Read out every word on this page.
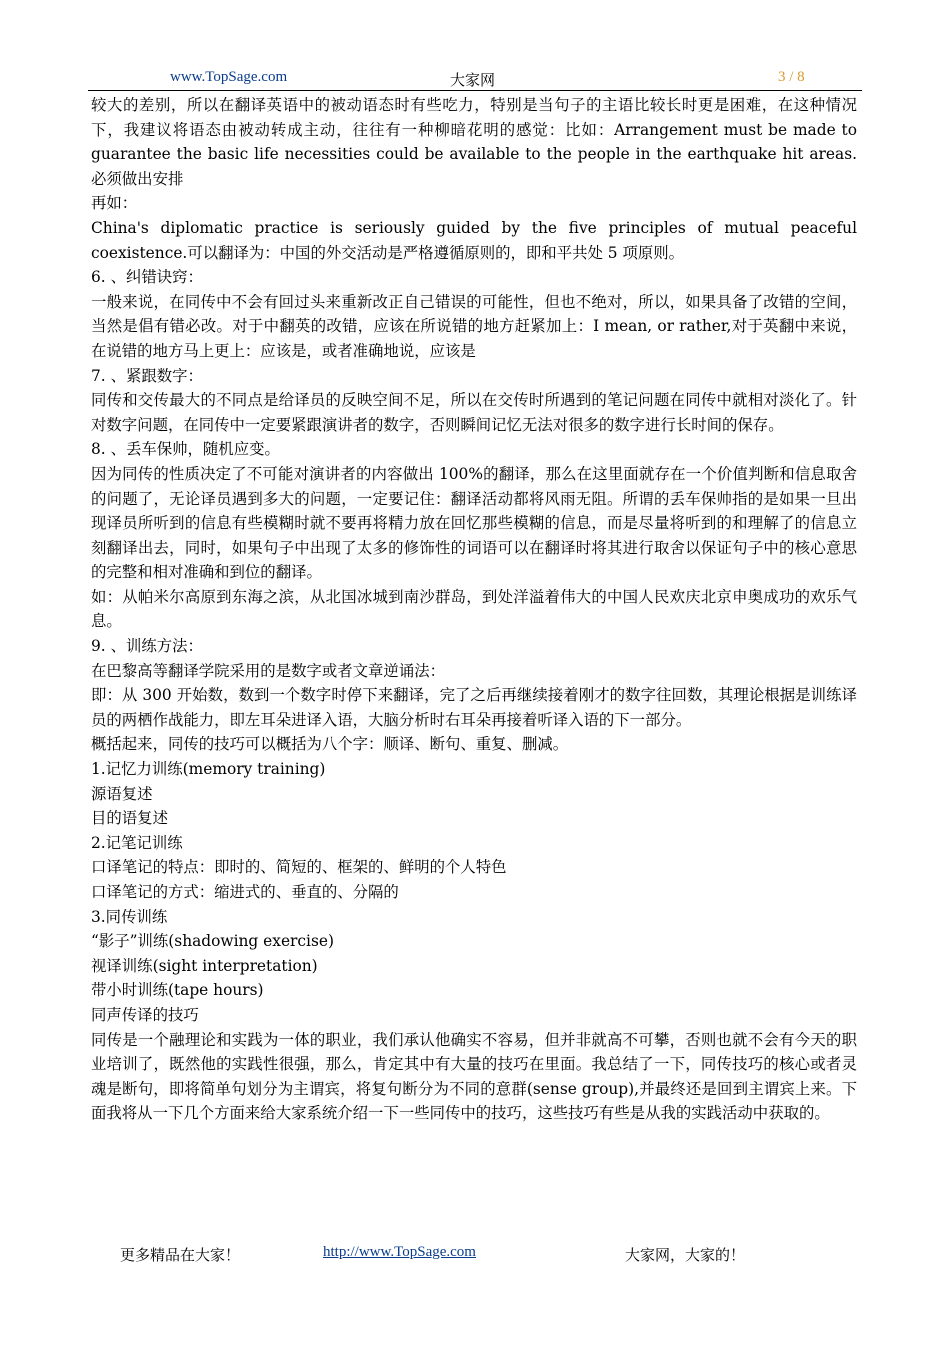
www.TopSage.com	大家网	3 / 8

较大的差别，所以在翻译英语中的被动语态时有些吃力，特别是当句子的主语比较长时更是困难，在这种情况下，我建议将语态由被动转成主动，往往有一种柳暗花明的感觉：比如：Arrangement must be made to guarantee the basic life necessities could be available to the people in the earthquake hit areas.必须做出安排

再如：

China's diplomatic practice is seriously guided by the five principles of mutual peaceful coexistence.可以翻译为：中国的外交活动是严格遵循原则的，即和平共处 5 项原则。

6. 、纠错诀窍：

一般来说，在同传中不会有回过头来重新改正自己错误的可能性，但也不绝对，所以，如果具备了改错的空间，当然是倡有错必改。对于中翻英的改错，应该在所说错的地方赶紧加上：I mean, or rather,对于英翻中来说，在说错的地方马上更上：应该是，或者准确地说，应该是

7. 、紧跟数字：

同传和交传最大的不同点是给译员的反映空间不足，所以在交传时所遇到的笔记问题在同传中就相对淡化了。针对数字问题，在同传中一定要紧跟演讲者的数字，否则瞬间记忆无法对很多的数字进行长时间的保存。

8. 、丢车保帅，随机应变。

因为同传的性质决定了不可能对演讲者的内容做出 100%的翻译，那么在这里面就存在一个价值判断和信息取舍的问题了，无论译员遇到多大的问题，一定要记住：翻译活动都将风雨无阻。所谓的丢车保帅指的是如果一旦出现译员所听到的信息有些模糊时就不要再将精力放在回忆那些模糊的信息，而是尽量将听到的和理解了的信息立刻翻译出去，同时，如果句子中出现了太多的修饰性的词语可以在翻译时将其进行取舍以保证句子中的核心意思的完整和相对准确和到位的翻译。

如：从帕米尔高原到东海之滨，从北国冰城到南沙群岛，到处洋溢着伟大的中国人民欢庆北京申奥成功的欢乐气息。

9. 、训练方法：

在巴黎高等翻译学院采用的是数字或者文章逆诵法：

即：从 300 开始数，数到一个数字时停下来翻译，完了之后再继续接着刚才的数字往回数，其理论根据是训练译员的两栖作战能力，即左耳朵进译入语，大脑分析时右耳朵再接着听译入语的下一部分。

概括起来，同传的技巧可以概括为八个字：顺译、断句、重复、删减。

1.记忆力训练(memory training)

源语复述

目的语复述

2.记笔记训练

口译笔记的特点：即时的、简短的、框架的、鲜明的个人特色

口译笔记的方式：缩进式的、垂直的、分隔的

3.同传训练

“影子”训练(shadowing exercise)

视译训练(sight interpretation)

带小时训练(tape hours)

同声传译的技巧

同传是一个融理论和实践为一体的职业，我们承认他确实不容易，但并非就高不可攀，否则也就不会有今天的职业培训了，既然他的实践性很强，那么，肯定其中有大量的技巧在里面。我总结了一下，同传技巧的核心或者灵魂是断句，即将简单句划分为主谓宾，将复句断分为不同的意群(sense group),并最终还是回到主谓宾上来。下面我将从一下几个方面来给大家系统介绍一下一些同传中的技巧，这些技巧有些是从我的实践活动中获取的。

更多精品在大家！	http://www.TopSage.com	大家网，大家的！
